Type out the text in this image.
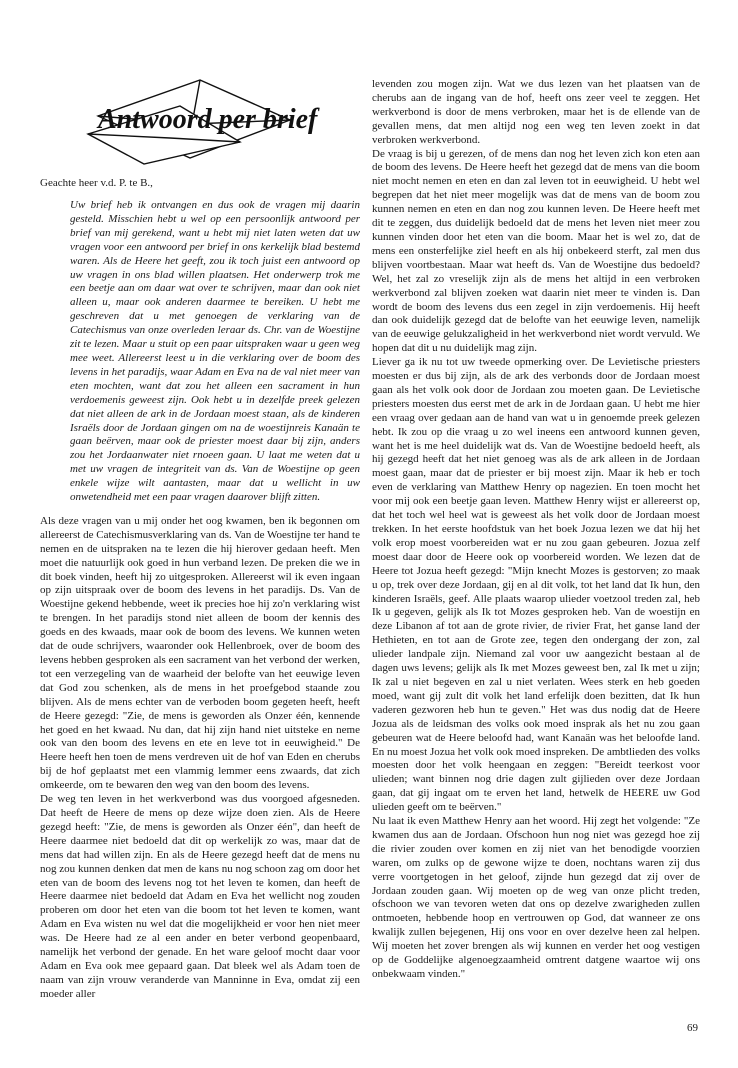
Antwoord per brief

Geachte heer v.d. P. te B.,

Uw brief heb ik ontvangen en dus ook de vragen mij daarin gesteld. Misschien hebt u wel op een persoonlijk antwoord per brief van mij gerekend, want u hebt mij niet laten weten dat uw vragen voor een antwoord per brief in ons kerkelijk blad bestemd waren. Als de Heere het geeft, zou ik toch juist een antwoord op uw vragen in ons blad willen plaatsen. Het onderwerp trok me een beetje aan om daar wat over te schrijven, maar dan ook niet alleen u, maar ook anderen daarmee te bereiken. U hebt me geschreven dat u met genoegen de verklaring van de Catechismus van onze overleden leraar ds. Chr. van de Woestijne zit te lezen. Maar u stuit op een paar uitspraken waar u geen weg mee weet. Allereerst leest u in die verklaring over de boom des levens in het paradijs, waar Adam en Eva na de val niet meer van eten mochten, want dat zou het alleen een sacrament in hun verdoemenis geweest zijn. Ook hebt u in dezelfde preek gelezen dat niet alleen de ark in de Jordaan moest staan, als de kinderen Israëls door de Jordaan gingen om na de woestijnreis Kanaän te gaan beërven, maar ook de priester moest daar bij zijn, anders zou het Jordaanwater niet rnoeen gaan. U laat me weten dat u met uw vragen de integriteit van ds. Van de Woestijne op geen enkele wijze wilt aantasten, maar dat u wellicht in uw onwetendheid met een paar vragen daarover blijft zitten.

Als deze vragen van u mij onder het oog kwamen, ben ik begonnen om allereerst de Catechismusverklaring van ds. Van de Woestijne ter hand te nemen en de uitspraken na te lezen die hij hierover gedaan heeft. Men moet die natuurlijk ook goed in hun verband lezen. De preken die we in dit boek vinden, heeft hij zo uitgesproken. Allereerst wil ik even ingaan op zijn uitspraak over de boom des levens in het paradijs. Ds. Van de Woestijne gekend hebbende, weet ik precies hoe hij zo'n verklaring wist te brengen. In het paradijs stond niet alleen de boom der kennis des goeds en des kwaads, maar ook de boom des levens. We kunnen weten dat de oude schrijvers, waaronder ook Hellenbroek, over de boom des levens hebben gesproken als een sacrament van het verbond der werken, tot een verzegeling van de waarheid der belofte van het eeuwige leven dat God zou schenken, als de mens in het proefgebod staande zou blijven. Als de mens echter van de verboden boom gegeten heeft, heeft de Heere gezegd: "Zie, de mens is geworden als Onzer één, kennende het goed en het kwaad. Nu dan, dat hij zijn hand niet uitsteke en neme ook van den boom des levens en ete en leve tot in eeuwigheid." De Heere heeft hen toen de mens verdreven uit de hof van Eden en cherubs bij de hof geplaatst met een vlammig lemmer eens zwaards, dat zich omkeerde, om te bewaren den weg van den boom des levens.
De weg ten leven in het werkverbond was dus voorgoed afgesneden. Dat heeft de Heere de mens op deze wijze doen zien. Als de Heere gezegd heeft: "Zie, de mens is geworden als Onzer één", dan heeft de Heere daarmee niet bedoeld dat dit op werkelijk zo was, maar dat de mens dat had willen zijn. En als de Heere gezegd heeft dat de mens nu nog zou kunnen denken dat men de kans nu nog schoon zag om door het eten van de boom des levens nog tot het leven te komen, dan heeft de Heere daarmee niet bedoeld dat Adam en Eva het wellicht nog zouden proberen om door het eten van die boom tot het leven te komen, want Adam en Eva wisten nu wel dat die mogelijkheid er voor hen niet meer was. De Heere had ze al een ander en beter verbond geopenbaard, namelijk het verbond der genade. En het ware geloof mocht daar voor Adam en Eva ook mee gepaard gaan. Dat bleek wel als Adam toen de naam van zijn vrouw veranderde van Manninne in Eva, omdat zij een moeder aller

levenden zou mogen zijn. Wat we dus lezen van het plaatsen van de cherubs aan de ingang van de hof, heeft ons zeer veel te zeggen. Het werkverbond is door de mens verbroken, maar het is de ellende van de gevallen mens, dat men altijd nog een weg ten leven zoekt in dat verbroken werkverbond.
De vraag is bij u gerezen, of de mens dan nog het leven zich kon eten aan de boom des levens. De Heere heeft het gezegd dat de mens van die boom niet mocht nemen en eten en dan zal leven tot in eeuwigheid. U hebt wel begrepen dat het niet meer mogelijk was dat de mens van de boom zou kunnen nemen en eten en dan nog zou kunnen leven. De Heere heeft met dit te zeggen, dus duidelijk bedoeld dat de mens het leven niet meer zou kunnen vinden door het eten van die boom. Maar het is wel zo, dat de mens een onsterfelijke ziel heeft en als hij onbekeerd sterft, zal men dus blijven voortbestaan. Maar wat heeft ds. Van de Woestijne dus bedoeld? Wel, het zal zo vreselijk zijn als de mens het altijd in een verbroken werkverbond zal blijven zoeken wat daarin niet meer te vinden is. Dan wordt de boom des levens dus een zegel in zijn verdoemenis. Hij heeft dan ook duidelijk gezegd dat de belofte van het eeuwige leven, namelijk van de eeuwige gelukzaligheid in het werkverbond niet wordt vervuld. We hopen dat dit u nu duidelijk mag zijn.
Liever ga ik nu tot uw tweede opmerking over. De Levietische priesters moesten er dus bij zijn, als de ark des verbonds door de Jordaan moest gaan als het volk ook door de Jordaan zou moeten gaan. De Levietische priesters moesten dus eerst met de ark in de Jordaan gaan. U hebt me hier een vraag over gedaan aan de hand van wat u in genoemde preek gelezen hebt. Ik zou op die vraag u zo wel ineens een antwoord kunnen geven, want het is me heel duidelijk wat ds. Van de Woestijne bedoeld heeft, als hij gezegd heeft dat het niet genoeg was als de ark alleen in de Jordaan moest gaan, maar dat de priester er bij moest zijn. Maar ik heb er toch even de verklaring van Matthew Henry op nagezien. En toen mocht het voor mij ook een beetje gaan leven. Matthew Henry wijst er allereerst op, dat het toch wel heel wat is geweest als het volk door de Jordaan moest trekken. In het eerste hoofdstuk van het boek Jozua lezen we dat hij het volk erop moest voorbereiden wat er nu zou gaan gebeuren. Jozua zelf moest daar door de Heere ook op voorbereid worden. We lezen dat de Heere tot Jozua heeft gezegd: "Mijn knecht Mozes is gestorven; zo maak u op, trek over deze Jordaan, gij en al dit volk, tot het land dat Ik hun, den kinderen Israëls, geef. Alle plaats waarop ulieder voetzool treden zal, heb Ik u gegeven, gelijk als Ik tot Mozes gesproken heb. Van de woestijn en deze Libanon af tot aan de grote rivier, de rivier Frat, het ganse land der Hethieten, en tot aan de Grote zee, tegen den ondergang der zon, zal ulieder landpale zijn. Niemand zal voor uw aangezicht bestaan al de dagen uws levens; gelijk als Ik met Mozes geweest ben, zal Ik met u zijn; Ik zal u niet begeven en zal u niet verlaten. Wees sterk en heb goeden moed, want gij zult dit volk het land erfelijk doen bezitten, dat Ik hun vaderen gezworen heb hun te geven." Het was dus nodig dat de Heere Jozua als de leidsman des volks ook moed insprak als het nu zou gaan gebeuren wat de Heere beloofd had, want Kanaän was het beloofde land. En nu moest Jozua het volk ook moed inspreken. De ambtlieden des volks moesten door het volk heengaan en zeggen: "Bereidt teerkost voor ulieden; want binnen nog drie dagen zult gijlieden over deze Jordaan gaan, dat gij ingaat om te erven het land, hetwelk de HEERE uw God ulieden geeft om te beërven."
Nu laat ik even Matthew Henry aan het woord. Hij zegt het volgende: "Ze kwamen dus aan de Jordaan. Ofschoon hun nog niet was gezegd hoe zij die rivier zouden over komen en zij niet van het benodigde voorzien waren, om zulks op de gewone wijze te doen, nochtans waren zij dus verre voortgetogen in het geloof, zijnde hun gezegd dat zij over de Jordaan zouden gaan. Wij moeten op de weg van onze plicht treden, ofschoon we van tevoren weten dat ons op dezelve zwarigheden zullen ontmoeten, hebbende hoop en vertrouwen op God, dat wanneer ze ons kwalijk zullen bejegenen, Hij ons voor en over dezelve heen zal helpen. Wij moeten het zover brengen als wij kunnen en verder het oog vestigen op de Goddelijke algenoegzaamheid omtrent datgene waartoe wij ons onbekwaam vinden."

69
